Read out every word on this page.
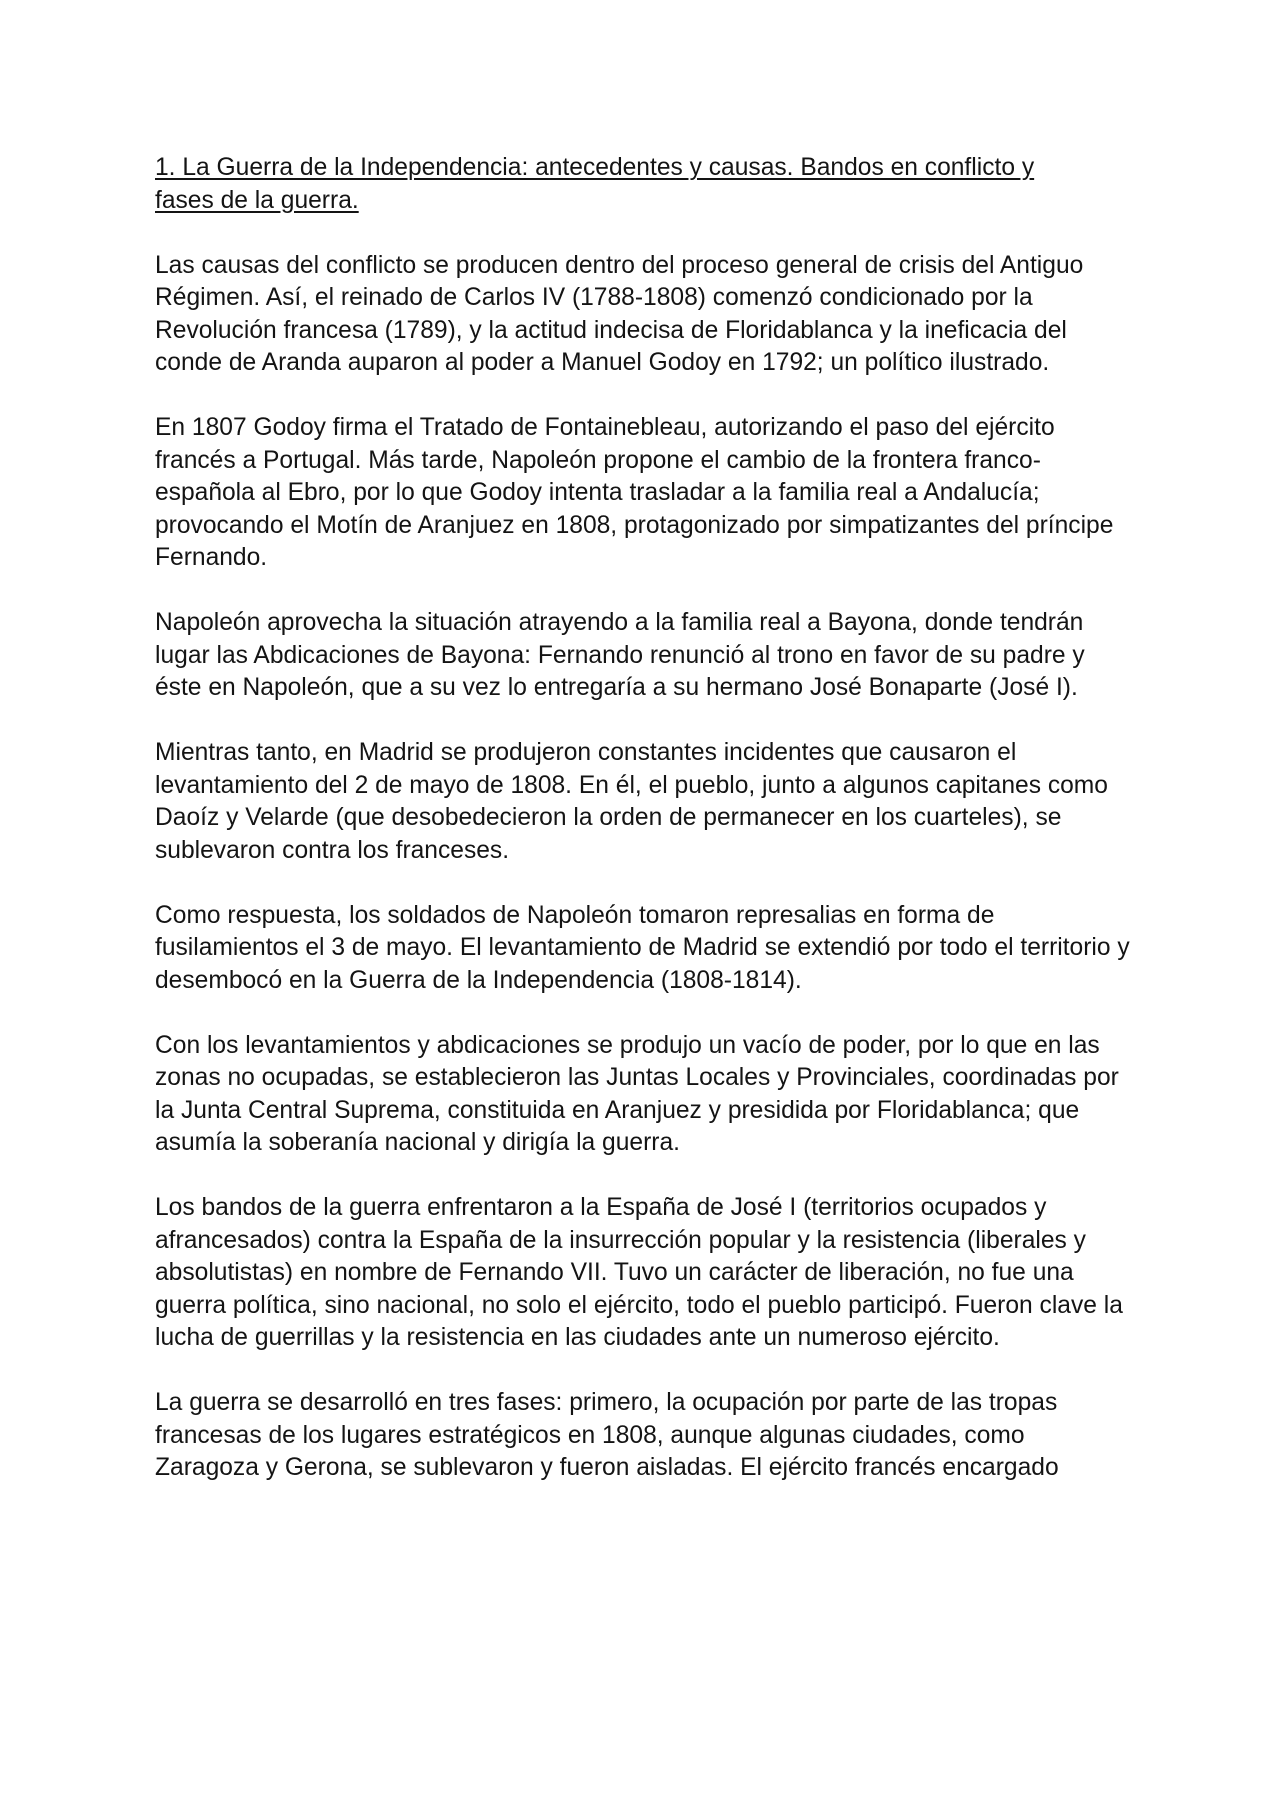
1. La Guerra de la Independencia: antecedentes y causas. Bandos en conflicto y fases de la guerra.

Las causas del conflicto se producen dentro del proceso general de crisis del Antiguo Régimen. Así, el reinado de Carlos IV (1788-1808) comenzó condicionado por la Revolución francesa (1789), y la actitud indecisa de Floridablanca y la ineficacia del conde de Aranda auparon al poder a Manuel Godoy en 1792; un político ilustrado.

En 1807 Godoy firma el Tratado de Fontainebleau, autorizando el paso del ejército francés a Portugal. Más tarde, Napoleón propone el cambio de la frontera franco-española al Ebro, por lo que Godoy intenta trasladar a la familia real a Andalucía; provocando el Motín de Aranjuez en 1808, protagonizado por simpatizantes del príncipe Fernando.

Napoleón aprovecha la situación atrayendo a la familia real a Bayona, donde tendrán lugar las Abdicaciones de Bayona: Fernando renunció al trono en favor de su padre y éste en Napoleón, que a su vez lo entregaría a su hermano José Bonaparte (José I).

Mientras tanto, en Madrid se produjeron constantes incidentes que causaron el levantamiento del 2 de mayo de 1808. En él, el pueblo, junto a algunos capitanes como Daoíz y Velarde (que desobedecieron la orden de permanecer en los cuarteles), se sublevaron contra los franceses.

Como respuesta, los soldados de Napoleón tomaron represalias en forma de fusilamientos el 3 de mayo. El levantamiento de Madrid se extendió por todo el territorio y desembocó en la Guerra de la Independencia (1808-1814).

Con los levantamientos y abdicaciones se produjo un vacío de poder, por lo que en las zonas no ocupadas, se establecieron las Juntas Locales y Provinciales, coordinadas por la Junta Central Suprema, constituida en Aranjuez y presidida por Floridablanca; que asumía la soberanía nacional y dirigía la guerra.

Los bandos de la guerra enfrentaron a la España de José I (territorios ocupados y afrancesados) contra la España de la insurrección popular y la resistencia (liberales y absolutistas) en nombre de Fernando VII. Tuvo un carácter de liberación, no fue una guerra política, sino nacional, no solo el ejército, todo el pueblo participó. Fueron clave la lucha de guerrillas y la resistencia en las ciudades ante un numeroso ejército.

La guerra se desarrolló en tres fases: primero, la ocupación por parte de las tropas francesas de los lugares estratégicos en 1808, aunque algunas ciudades, como Zaragoza y Gerona, se sublevaron y fueron aisladas. El ejército francés encargado
